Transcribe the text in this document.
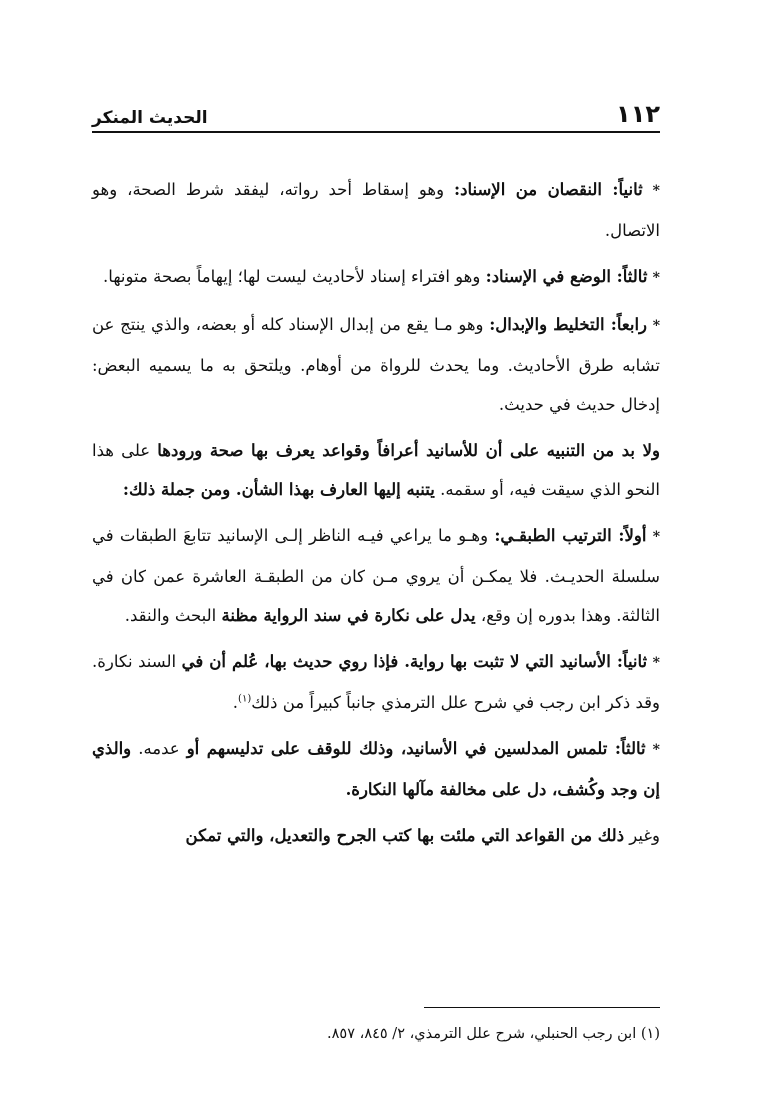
١١٢
الحديث المنكر

* ثانياً: النقصان من الإسناد: وهو إسقاط أحد رواته، ليفقد شرط الصحة، وهو الاتصال.

* ثالثاً: الوضع في الإسناد: وهو افتراء إسناد لأحاديث ليست لها؛ إيهاماً بصحة متونها.

* رابعاً: التخليط والإبدال: وهو مـا يقع من إبدال الإسناد كله أو بعضه، والذي ينتج عن تشابه طرق الأحاديث. وما يحدث للرواة من أوهام. ويلتحق به ما يسميه البعض: إدخال حديث في حديث.

ولا بد من التنبيه على أن للأسانيد أعرافاً وقواعد يعرف بها صحة ورودها على هذا النحو الذي سيقت فيه، أو سقمه. يتنبه إليها العارف بهذا الشأن. ومن جملة ذلك:

* أولاً: الترتيب الطبقـي: وهـو ما يراعي فيـه الناظر إلـى الإسانيد تتابعَ الطبقات في سلسلة الحديـث. فلا يمكـن أن يروي مـن كان من الطبقـة العاشرة عمن كان في الثالثة. وهذا بدوره إن وقع، يدل على نكارة في سند الرواية مظنة البحث والنقد.

* ثانياً: الأسانيد التي لا تثبت بها رواية. فإذا روي حديث بها، عُلم أن في السند نكارة. وقد ذكر ابن رجب في شرح علل الترمذي جانباً كبيراً من ذلك$^{(١)}$.

* ثالثاً: تلمس المدلسين في الأسانيد، وذلك للوقف على تدليسهم أو عدمه. والذي إن وجد وكُشف، دل على مخالفة مآلها النكارة.

وغير ذلك من القواعد التي ملئت بها كتب الجرح والتعديل، والتي تمكن

(١) ابن رجب الحنبلي، شرح علل الترمذي، ٢/ ٨٤٥، ٨٥٧.
